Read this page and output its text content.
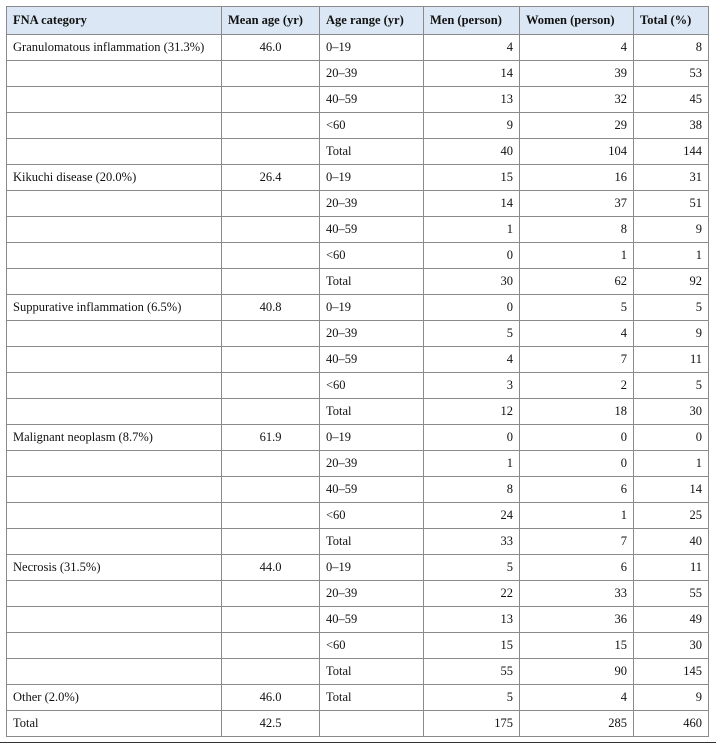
FNA category	Mean age (yr)	Age range (yr)	Men (person)	Women (person)	Total (%)
Granulomatous inflammation (31.3%)	46.0	0–19	4	4	8
		20–39	14	39	53
		40–59	13	32	45
		<60	9	29	38
		Total	40	104	144
Kikuchi disease (20.0%)	26.4	0–19	15	16	31
		20–39	14	37	51
		40–59	1	8	9
		<60	0	1	1
		Total	30	62	92
Suppurative inflammation (6.5%)	40.8	0–19	0	5	5
		20–39	5	4	9
		40–59	4	7	11
		<60	3	2	5
		Total	12	18	30
Malignant neoplasm (8.7%)	61.9	0–19	0	0	0
		20–39	1	0	1
		40–59	8	6	14
		<60	24	1	25
		Total	33	7	40
Necrosis (31.5%)	44.0	0–19	5	6	11
		20–39	22	33	55
		40–59	13	36	49
		<60	15	15	30
		Total	55	90	145
Other (2.0%)	46.0	Total	5	4	9
Total	42.5		175	285	460
